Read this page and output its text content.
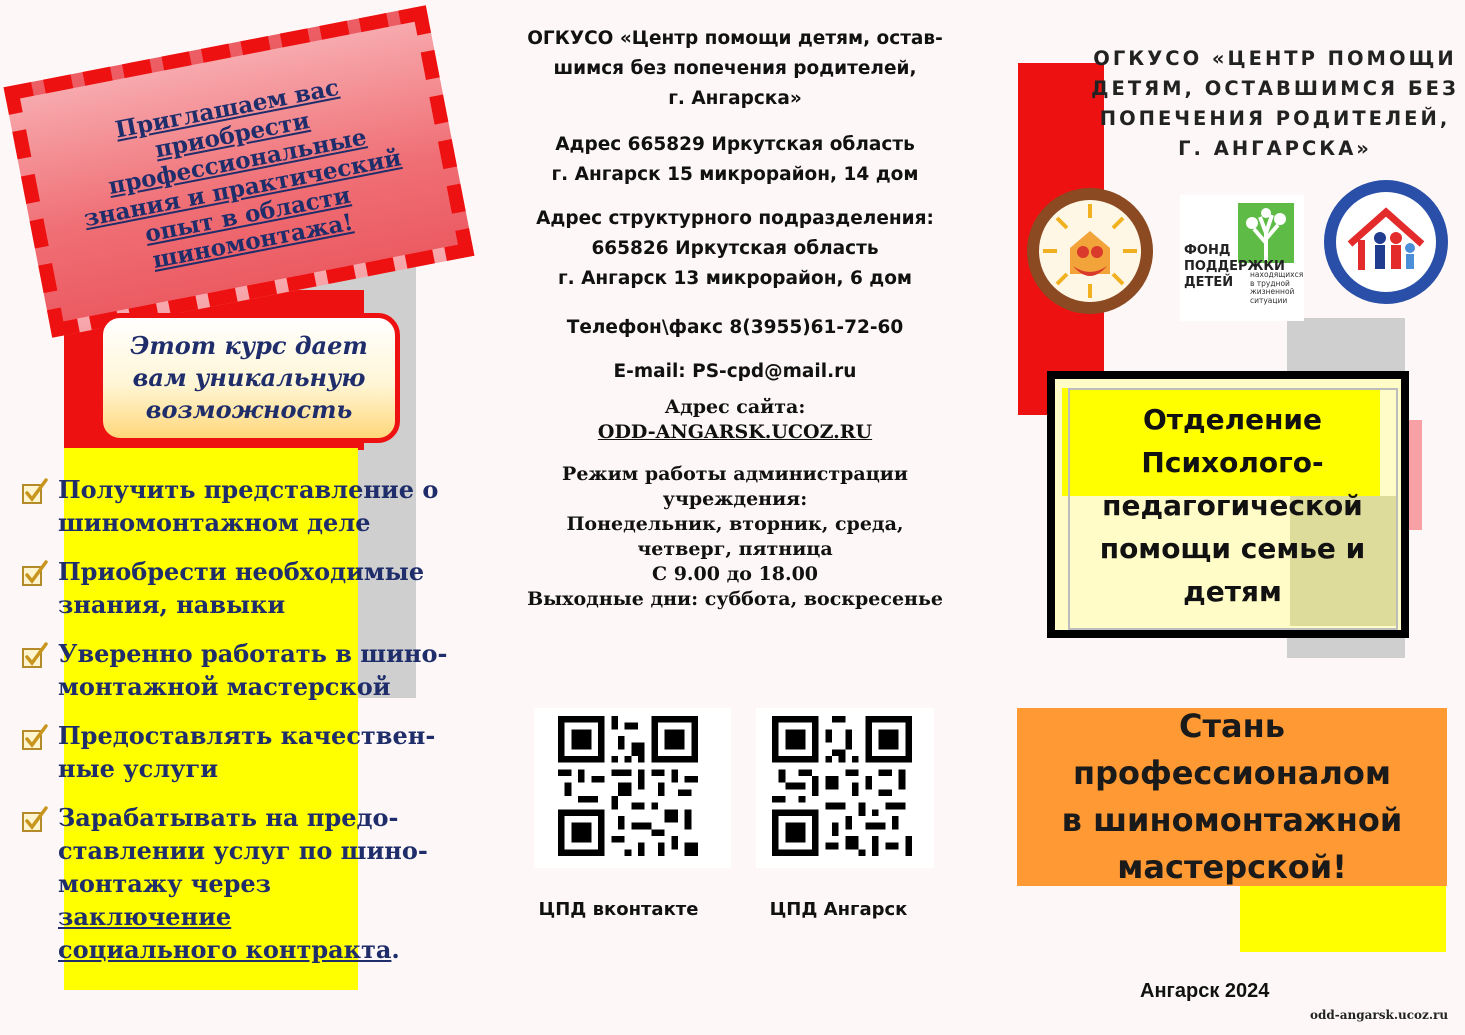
Приглашаем вас
приобрести
профессиональные
знания и практический
опыт в области
шиномонтажа!
Этот курс дает
вам уникальную
возможность
Получить представление о
шиномонтажном деле
Приобрести необходимые
знания, навыки
Уверенно работать в шино-
монтажной мастерской
Предоставлять качествен-
ные услуги
Зарабатывать на предо-
ставлении услуг по шино-
монтажу через заключение
социального контракта.
ОГКУСО «Центр помощи детям, остав-
шимся без попечения родителей,
г. Ангарска»
Адрес 665829 Иркутская область
г. Ангарск 15 микрорайон, 14 дом
Адрес структурного подразделения:
665826 Иркутская область
г. Ангарск 13 микрорайон, 6 дом
Телефон\факс 8(3955)61-72-60
E-mail: PS-cpd@mail.ru
Адрес сайта:
ODD-ANGARSK.UCOZ.RU
Режим работы администрации
учреждения:
Понедельник, вторник, среда,
четверг, пятница
С 9.00 до 18.00
Выходные дни: суббота, воскресенье
ЦПД вконтакте	ЦПД Ангарск
ОГКУСО «ЦЕНТР ПОМОЩИ
ДЕТЯМ, ОСТАВШИМСЯ БЕЗ
ПОПЕЧЕНИЯ РОДИТЕЛЕЙ,
Г. АНГАРСКА»
ФОНД
ПОДДЕРЖКИ
ДЕТЕЙ
находящихся
в трудной
жизненной
ситуации
Отделение
Психолого-
педагогической
помощи семье и
детям
Стань профессионалом
в шиномонтажной
мастерской!
Ангарск 2024
odd-angarsk.ucoz.ru
